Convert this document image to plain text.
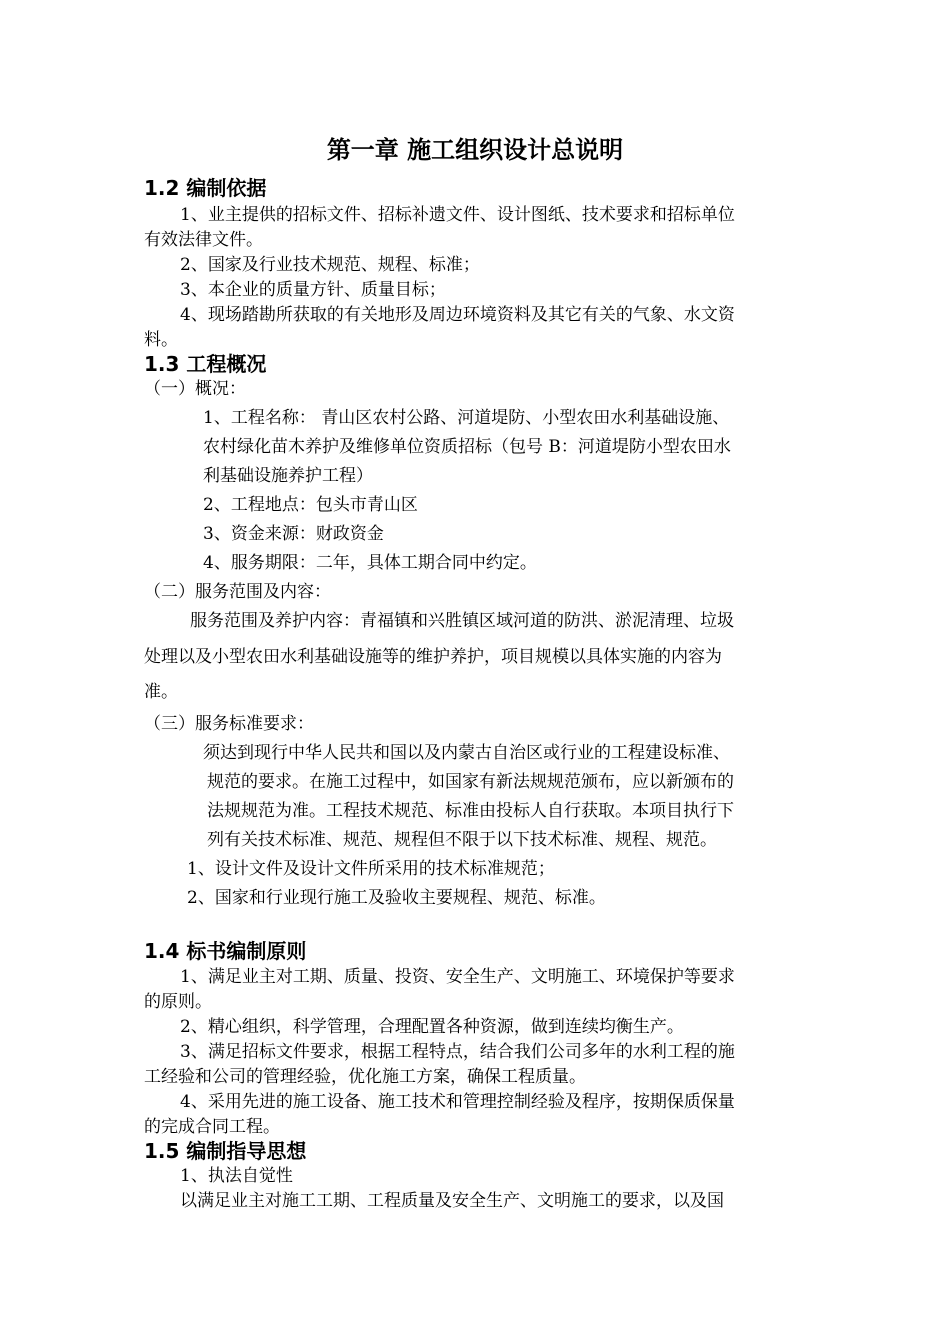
第一章 施工组织设计总说明
1.2 编制依据
1、业主提供的招标文件、招标补遗文件、设计图纸、技术要求和招标单位
有效法律文件。
2、国家及行业技术规范、规程、标准；
3、本企业的质量方针、质量目标；
4、现场踏勘所获取的有关地形及周边环境资料及其它有关的气象、水文资
料。
1.3 工程概况
（一）概况：
1、工程名称： 青山区农村公路、河道堤防、小型农田水利基础设施、
农村绿化苗木养护及维修单位资质招标（包号 B：河道堤防小型农田水
利基础设施养护工程）
2、工程地点：包头市青山区
3、资金来源：财政资金
4、服务期限：二年，具体工期合同中约定。
（二）服务范围及内容：
服务范围及养护内容：青福镇和兴胜镇区域河道的防洪、淤泥清理、垃圾
处理以及小型农田水利基础设施等的维护养护，项目规模以具体实施的内容为
准。
（三）服务标准要求：
须达到现行中华人民共和国以及内蒙古自治区或行业的工程建设标准、
规范的要求。在施工过程中，如国家有新法规规范颁布，应以新颁布的
法规规范为准。工程技术规范、标准由投标人自行获取。本项目执行下
列有关技术标准、规范、规程但不限于以下技术标准、规程、规范。
1、设计文件及设计文件所采用的技术标准规范；
2、国家和行业现行施工及验收主要规程、规范、标准。
1.4 标书编制原则
1、满足业主对工期、质量、投资、安全生产、文明施工、环境保护等要求
的原则。
2、精心组织，科学管理，合理配置各种资源，做到连续均衡生产。
3、满足招标文件要求，根据工程特点，结合我们公司多年的水利工程的施
工经验和公司的管理经验，优化施工方案，确保工程质量。
4、采用先进的施工设备、施工技术和管理控制经验及程序，按期保质保量
的完成合同工程。
1.5 编制指导思想
1、执法自觉性
以满足业主对施工工期、工程质量及安全生产、文明施工的要求，以及国
